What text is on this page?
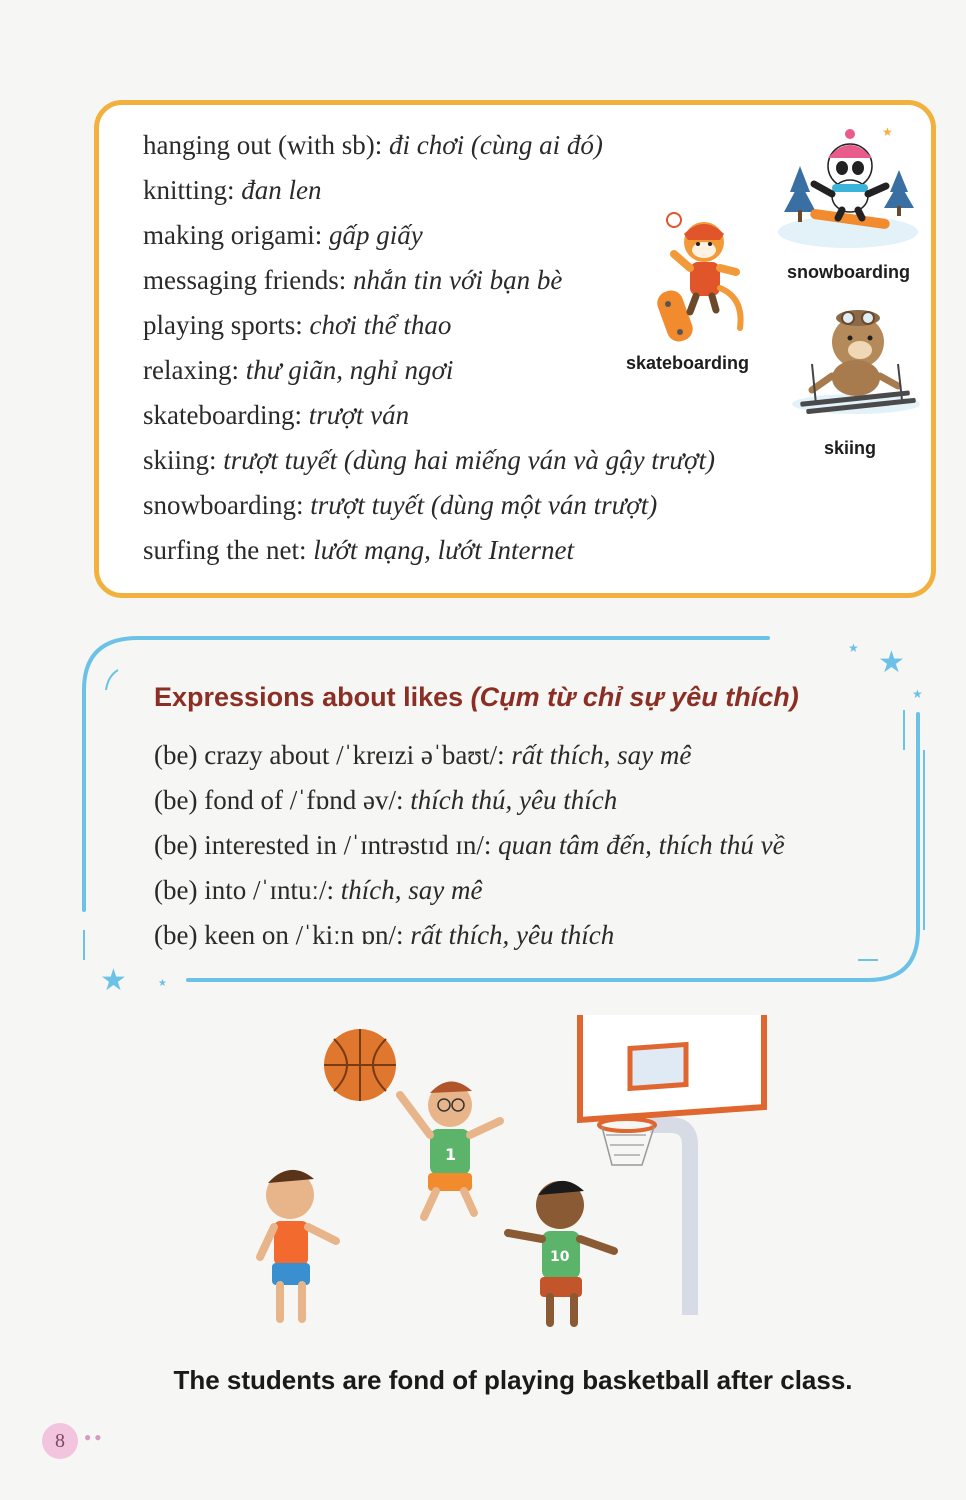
hanging out (with sb): đi chơi (cùng ai đó)
knitting: đan len
making origami: gấp giấy
messaging friends: nhắn tin với bạn bè
playing sports: chơi thể thao
relaxing: thư giãn, nghỉ ngơi
skateboarding: trượt ván
skiing: trượt tuyết (dùng hai miếng ván và gậy trượt)
snowboarding: trượt tuyết (dùng một ván trượt)
surfing the net: lướt mạng, lướt Internet
★
snowboarding
skateboarding
skiing
★
★
★
★	★
Expressions about likes (Cụm từ chỉ sự yêu thích)
(be) crazy about /ˈkreɪzi əˈbaʊt/: rất thích, say mê
(be) fond of /ˈfɒnd əv/: thích thú, yêu thích
(be) interested in /ˈɪntrəstɪd ɪn/: quan tâm đến, thích thú về
(be) into /ˈɪntuː/: thích, say mê
(be) keen on /ˈkiːn ɒn/: rất thích, yêu thích
1
10
The students are fond of playing basketball after class.
8	●●
